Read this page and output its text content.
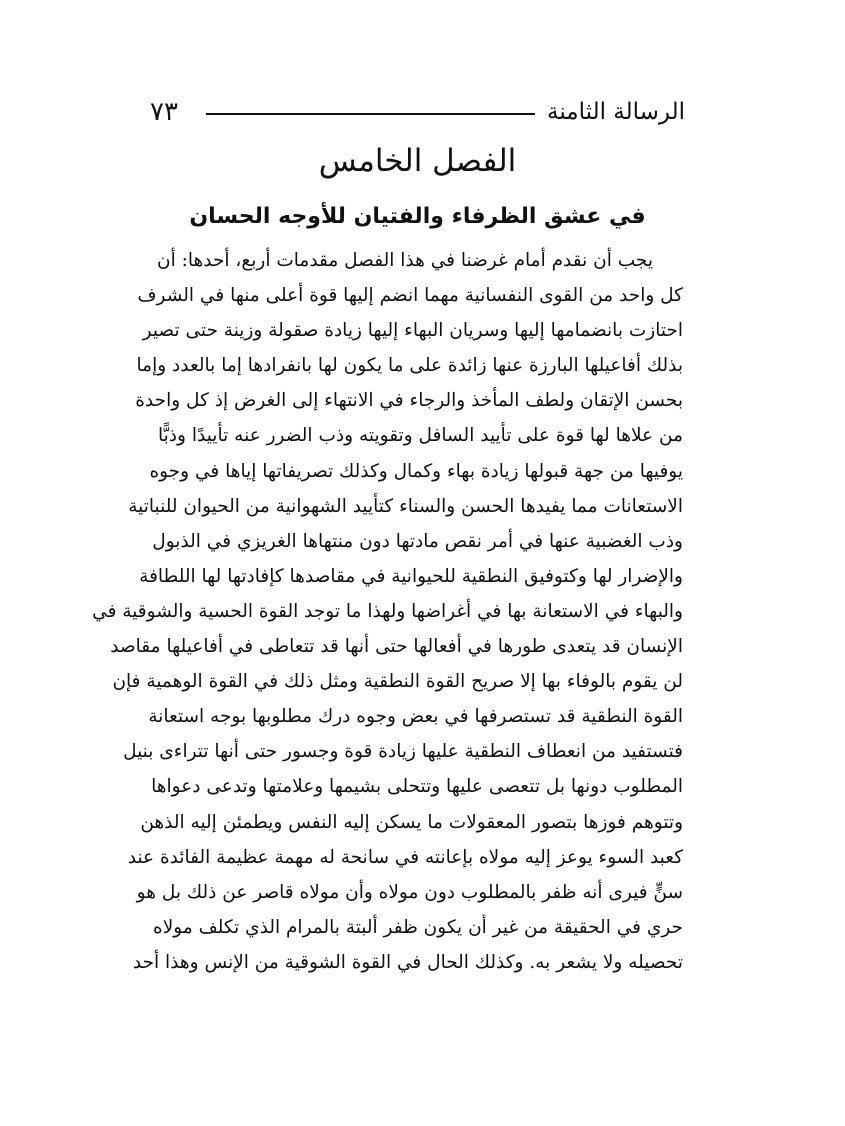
٧٣	الرسالة الثامنة
الفصل الخامس
في عشق الظرفاء والفتيان للأوجه الحسان
يجب أن نقدم أمام غرضنا في هذا الفصل مقدمات أربع، أحدها: أن
كل واحد من القوى النفسانية مهما انضم إليها قوة أعلى منها في الشرف
احتازت بانضمامها إليها وسريان البهاء إليها زيادة صقولة وزينة حتى تصير
بذلك أفاعيلها البارزة عنها زائدة على ما يكون لها بانفرادها إما بالعدد وإما
بحسن الإتقان ولطف المأخذ والرجاء في الانتهاء إلى الغرض إذ كل واحدة
من علاها لها قوة على تأييد السافل وتقويته وذب الضرر عنه تأييدًا وذبًّا
يوفيها من جهة قبولها زيادة بهاء وكمال وكذلك تصريفاتها إياها في وجوه
الاستعانات مما يفيدها الحسن والسناء كتأييد الشهوانية من الحيوان للنباتية
وذب الغضبية عنها في أمر نقص مادتها دون منتهاها الغريزي في الذبول
والإضرار لها وكتوفيق النطقية للحيوانية في مقاصدها كإفادتها لها اللطافة
والبهاء في الاستعانة بها في أغراضها ولهذا ما توجد القوة الحسية والشوقية في
الإنسان قد يتعدى طورها في أفعالها حتى أنها قد تتعاطى في أفاعيلها مقاصد
لن يقوم بالوفاء بها إلا صريح القوة النطقية ومثل ذلك في القوة الوهمية فإن
القوة النطقية قد تستصرفها في بعض وجوه درك مطلوبها بوجه استعانة
فتستفيد من انعطاف النطقية عليها زيادة قوة وجسور حتى أنها تتراءى بنيل
المطلوب دونها بل تتعصى عليها وتتحلى بشيمها وعلامتها وتدعى دعواها
وتتوهم فوزها بتصور المعقولات ما يسكن إليه النفس ويطمئن إليه الذهن
كعبد السوء يوعز إليه مولاه بإعانته في سانحة له مهمة عظيمة الفائدة عند
سنٍّ فيرى أنه ظفر بالمطلوب دون مولاه وأن مولاه قاصر عن ذلك بل هو
حري في الحقيقة من غير أن يكون ظفر ألبتة بالمرام الذي تكلف مولاه
تحصيله ولا يشعر به. وكذلك الحال في القوة الشوقية من الإنس وهذا أحد
